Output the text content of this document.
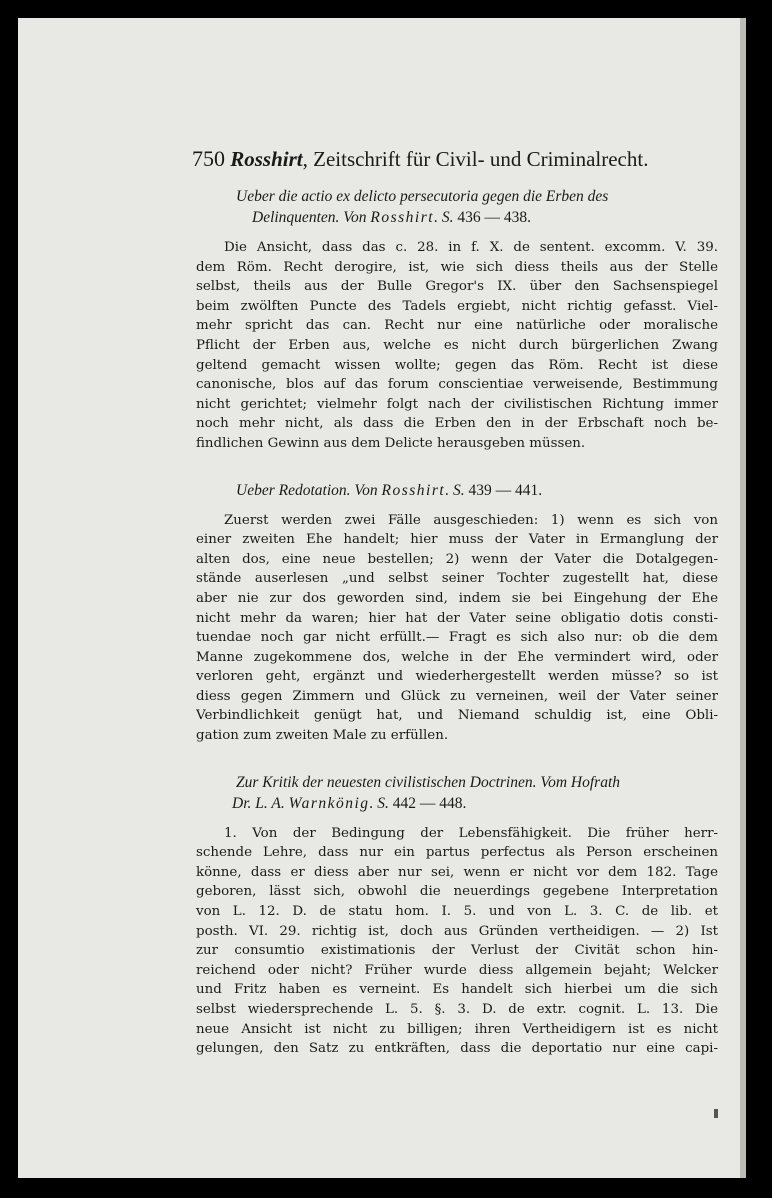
750 Rosshirt, Zeitschrift für Civil- und Criminalrecht.
Ueber die actio ex delicto persecutoria gegen die Erben des
Delinquenten. Von Rosshirt. S. 436 — 438.
Die Ansicht, dass das c. 28. in f. X. de sentent. excomm. V. 39.
dem Röm. Recht derogire, ist, wie sich diess theils aus der Stelle
selbst, theils aus der Bulle Gregor's IX. über den Sachsenspiegel
beim zwölften Puncte des Tadels ergiebt, nicht richtig gefasst. Viel-
mehr spricht das can. Recht nur eine natürliche oder moralische
Pflicht der Erben aus, welche es nicht durch bürgerlichen Zwang
geltend gemacht wissen wollte; gegen das Röm. Recht ist diese
canonische, blos auf das forum conscientiae verweisende, Bestimmung
nicht gerichtet; vielmehr folgt nach der civilistischen Richtung immer
noch mehr nicht, als dass die Erben den in der Erbschaft noch be-
findlichen Gewinn aus dem Delicte herausgeben müssen.
Ueber Redotation. Von Rosshirt. S. 439 — 441.
Zuerst werden zwei Fälle ausgeschieden: 1) wenn es sich von
einer zweiten Ehe handelt; hier muss der Vater in Ermanglung der
alten dos, eine neue bestellen; 2) wenn der Vater die Dotalgegen-
stände auserlesen „und selbst seiner Tochter zugestellt hat, diese
aber nie zur dos geworden sind, indem sie bei Eingehung der Ehe
nicht mehr da waren; hier hat der Vater seine obligatio dotis consti-
tuendae noch gar nicht erfüllt.— Fragt es sich also nur: ob die dem
Manne zugekommene dos, welche in der Ehe vermindert wird, oder
verloren geht, ergänzt und wiederhergestellt werden müsse? so ist
diess gegen Zimmern und Glück zu verneinen, weil der Vater seiner
Verbindlichkeit genügt hat, und Niemand schuldig ist, eine Obli-
gation zum zweiten Male zu erfüllen.
Zur Kritik der neuesten civilistischen Doctrinen. Vom Hofrath
Dr. L. A. Warnkönig. S. 442 — 448.
1. Von der Bedingung der Lebensfähigkeit. Die früher herr-
schende Lehre, dass nur ein partus perfectus als Person erscheinen
könne, dass er diess aber nur sei, wenn er nicht vor dem 182. Tage
geboren, lässt sich, obwohl die neuerdings gegebene Interpretation
von L. 12. D. de statu hom. I. 5. und von L. 3. C. de lib. et
posth. VI. 29. richtig ist, doch aus Gründen vertheidigen. — 2) Ist
zur consumtio existimationis der Verlust der Civität schon hin-
reichend oder nicht? Früher wurde diess allgemein bejaht; Welcker
und Fritz haben es verneint. Es handelt sich hierbei um die sich
selbst wiedersprechende L. 5. §. 3. D. de extr. cognit. L. 13. Die
neue Ansicht ist nicht zu billigen; ihren Vertheidigern ist es nicht
gelungen, den Satz zu entkräften, dass die deportatio nur eine capi-
